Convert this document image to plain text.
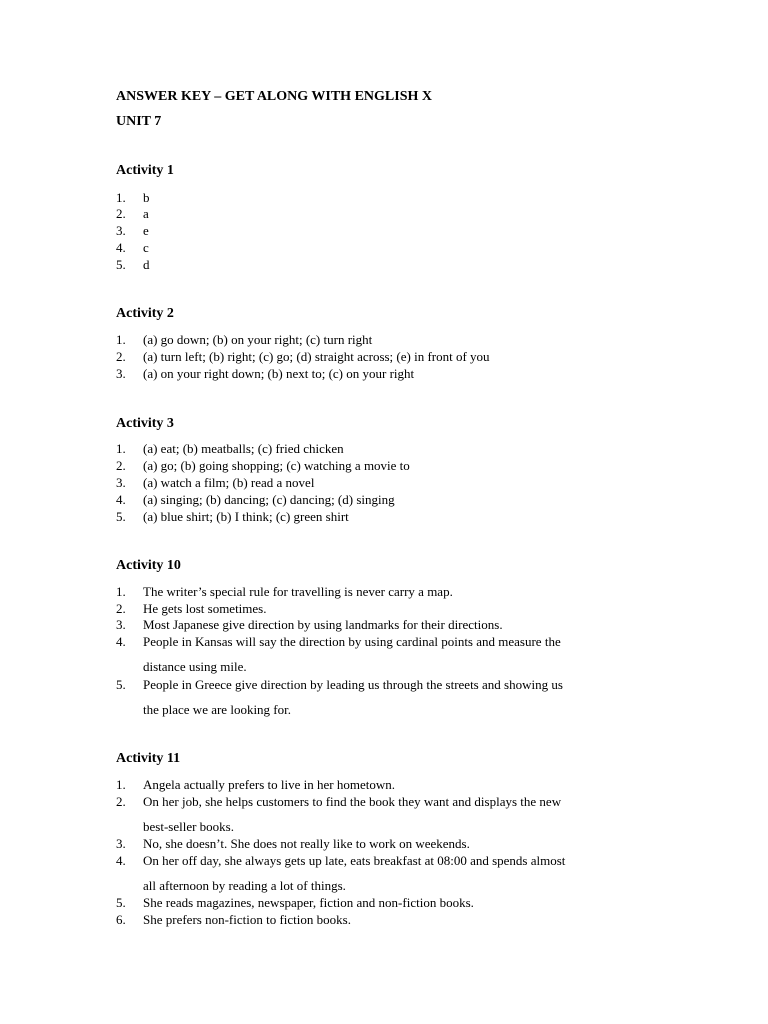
ANSWER KEY – GET ALONG WITH ENGLISH X
UNIT 7
Activity 1
1. b
2. a
3. e
4. c
5. d
Activity 2
1. (a) go down; (b) on your right; (c) turn right
2. (a) turn left; (b) right; (c) go; (d) straight across; (e) in front of you
3. (a) on your right down; (b) next to; (c) on your right
Activity 3
1. (a) eat; (b) meatballs; (c) fried chicken
2. (a) go; (b) going shopping; (c) watching a movie to
3. (a) watch a film; (b) read a novel
4. (a) singing; (b) dancing; (c) dancing; (d) singing
5. (a) blue shirt; (b) I think; (c) green shirt
Activity 10
1. The writer’s special rule for travelling is never carry a map.
2. He gets lost sometimes.
3. Most Japanese give direction by using landmarks for their directions.
4. People in Kansas will say the direction by using cardinal points and measure the
distance using mile.
5. People in Greece give direction by leading us through the streets and showing us
the place we are looking for.
Activity 11
1. Angela actually prefers to live in her hometown.
2. On her job, she helps customers to find the book they want and displays the new
best-seller books.
3. No, she doesn’t. She does not really like to work on weekends.
4. On her off day, she always gets up late, eats breakfast at 08:00 and spends almost
all afternoon by reading a lot of things.
5. She reads magazines, newspaper, fiction and non-fiction books.
6. She prefers non-fiction to fiction books.
